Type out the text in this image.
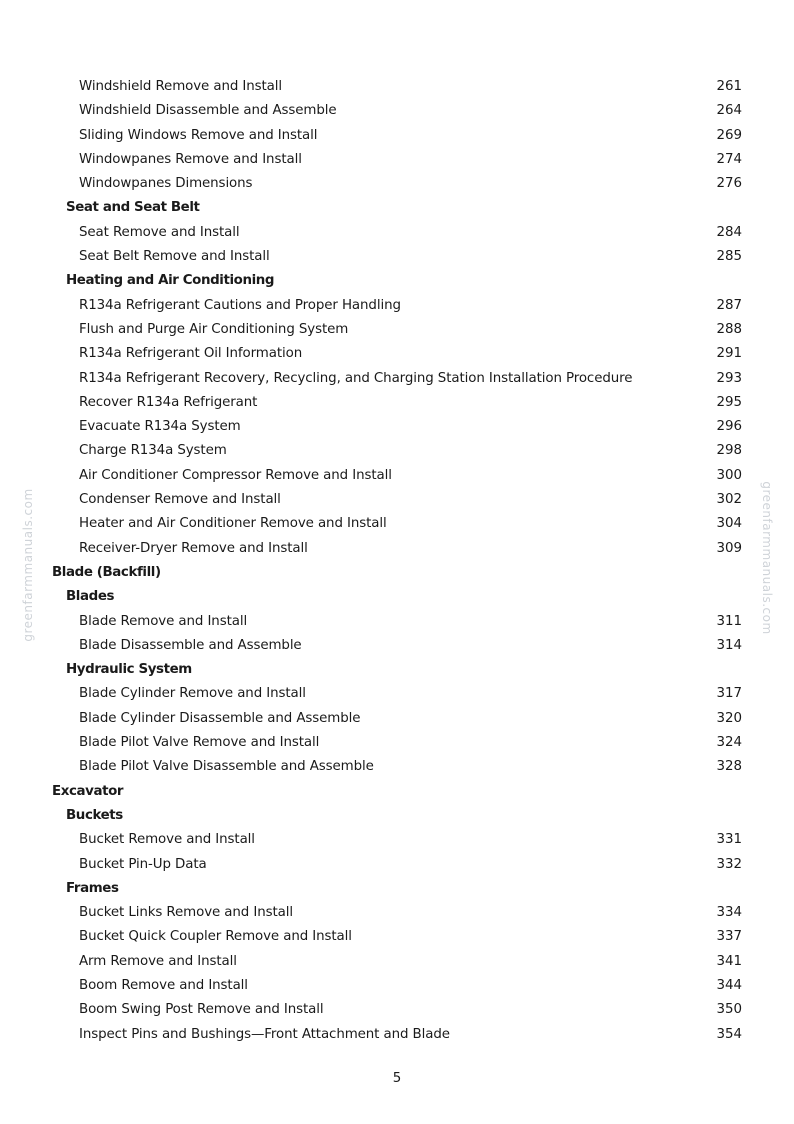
Windshield Remove and Install	261
Windshield Disassemble and Assemble	264
Sliding Windows Remove and Install	269
Windowpanes Remove and Install	274
Windowpanes Dimensions	276
Seat and Seat Belt
Seat Remove and Install	284
Seat Belt Remove and Install	285
Heating and Air Conditioning
R134a Refrigerant Cautions and Proper Handling	287
Flush and Purge Air Conditioning System	288
R134a Refrigerant Oil Information	291
R134a Refrigerant Recovery, Recycling, and Charging Station Installation Procedure	293
Recover R134a Refrigerant	295
Evacuate R134a System	296
Charge R134a System	298
Air Conditioner Compressor Remove and Install	300
Condenser Remove and Install	302
Heater and Air Conditioner Remove and Install	304
Receiver-Dryer Remove and Install	309
Blade (Backfill)
Blades
Blade Remove and Install	311
Blade Disassemble and Assemble	314
Hydraulic System
Blade Cylinder Remove and Install	317
Blade Cylinder Disassemble and Assemble	320
Blade Pilot Valve Remove and Install	324
Blade Pilot Valve Disassemble and Assemble	328
Excavator
Buckets
Bucket Remove and Install	331
Bucket Pin-Up Data	332
Frames
Bucket Links Remove and Install	334
Bucket Quick Coupler Remove and Install	337
Arm Remove and Install	341
Boom Remove and Install	344
Boom Swing Post Remove and Install	350
Inspect Pins and Bushings—Front Attachment and Blade	354
greenfarmmanuals.com	greenfarmmanuals.com
5
